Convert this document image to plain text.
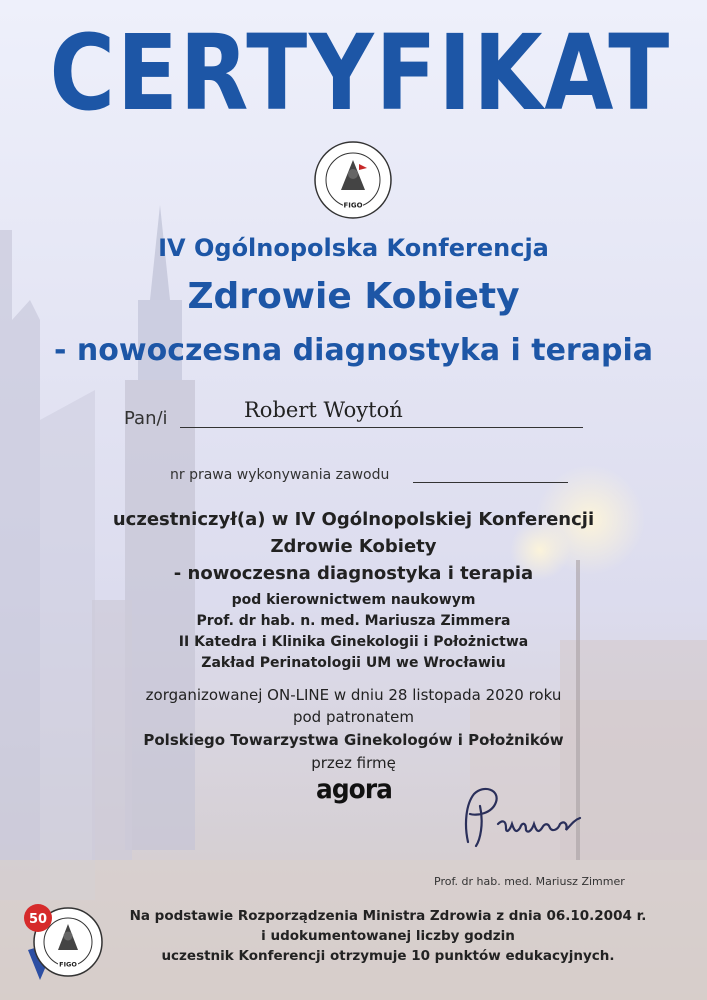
CERTYFIKAT
FIGO
IV Ogólnopolska Konferencja
Zdrowie Kobiety
- nowoczesna diagnostyka i terapia
Pan/i	Robert Woytoń
nr prawa wykonywania zawodu
uczestniczył(a) w IV Ogólnopolskiej Konferencji
Zdrowie Kobiety
- nowoczesna diagnostyka i terapia
pod kierownictwem naukowym
Prof. dr hab. n. med. Mariusza Zimmera
II Katedra i Klinika Ginekologii i Położnictwa
Zakład Perinatologii UM we Wrocławiu
zorganizowanej ON-LINE w dniu 28 listopada 2020 roku
pod patronatem
Polskiego Towarzystwa Ginekologów i Położników
przez firmę
agora
Prof. dr hab. med. Mariusz Zimmer
FIGO
50	Na podstawie Rozporządzenia Ministra Zdrowia z dnia 06.10.2004 r.
i udokumentowanej liczby godzin
uczestnik Konferencji otrzymuje 10 punktów edukacyjnych.
